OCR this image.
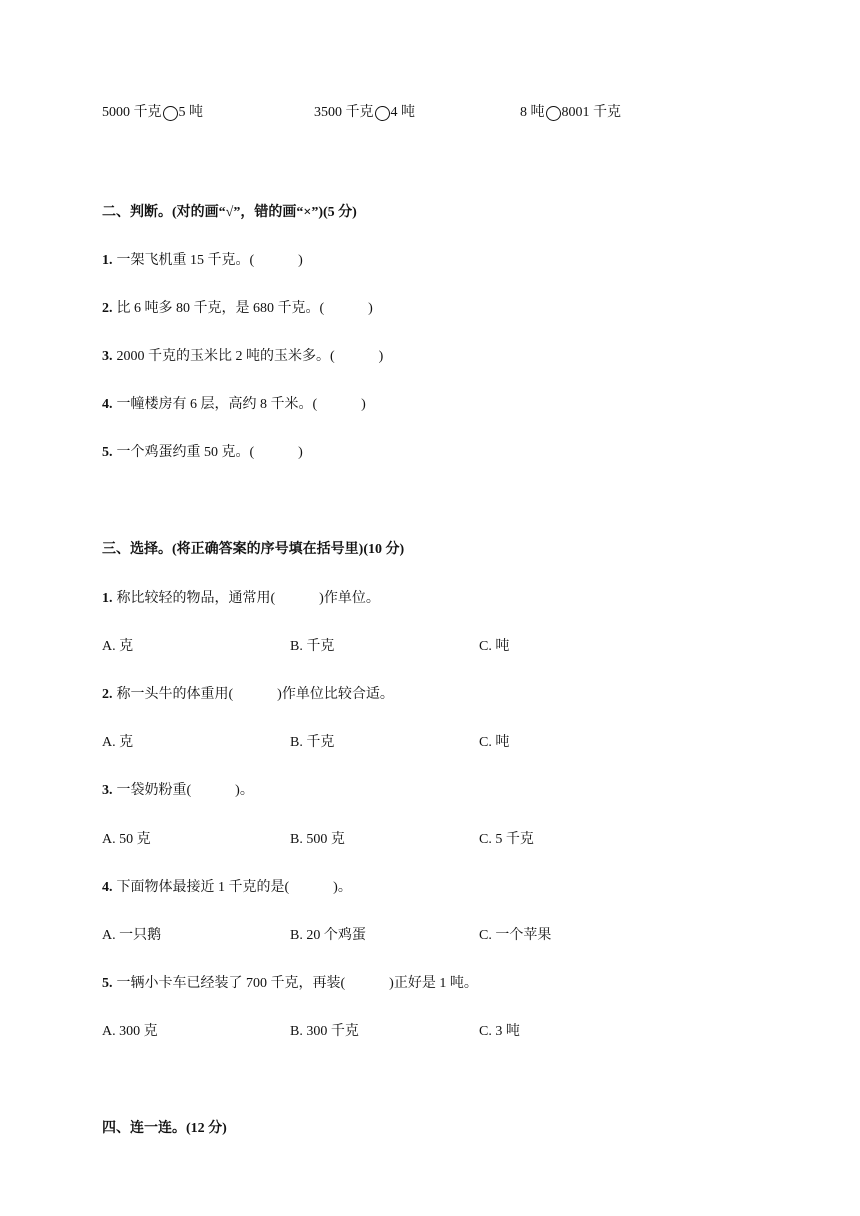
5000 千克 5 吨	3500 千克 4 吨	8 吨 8001 千克
二、判断。(对的画“√”，错的画“×”)(5 分)
1. 一架飞机重 15 千克。(	)
2. 比 6 吨多 80 千克，是 680 千克。(	)
3. 2000 千克的玉米比 2 吨的玉米多。(	)
4. 一幢楼房有 6 层，高约 8 千米。(	)
5. 一个鸡蛋约重 50 克。(	)
三、选择。(将正确答案的序号填在括号里)(10 分)
1. 称比较轻的物品，通常用(	)作单位。
A. 克	B. 千克	C. 吨
2. 称一头牛的体重用(	)作单位比较合适。
A. 克	B. 千克	C. 吨
3. 一袋奶粉重(	)。
A. 50 克	B. 500 克	C. 5 千克
4. 下面物体最接近 1 千克的是(	)。
A. 一只鹅	B. 20 个鸡蛋	C. 一个苹果
5. 一辆小卡车已经装了 700 千克，再装(	)正好是 1 吨。
A. 300 克	B. 300 千克	C. 3 吨
四、连一连。(12 分)
